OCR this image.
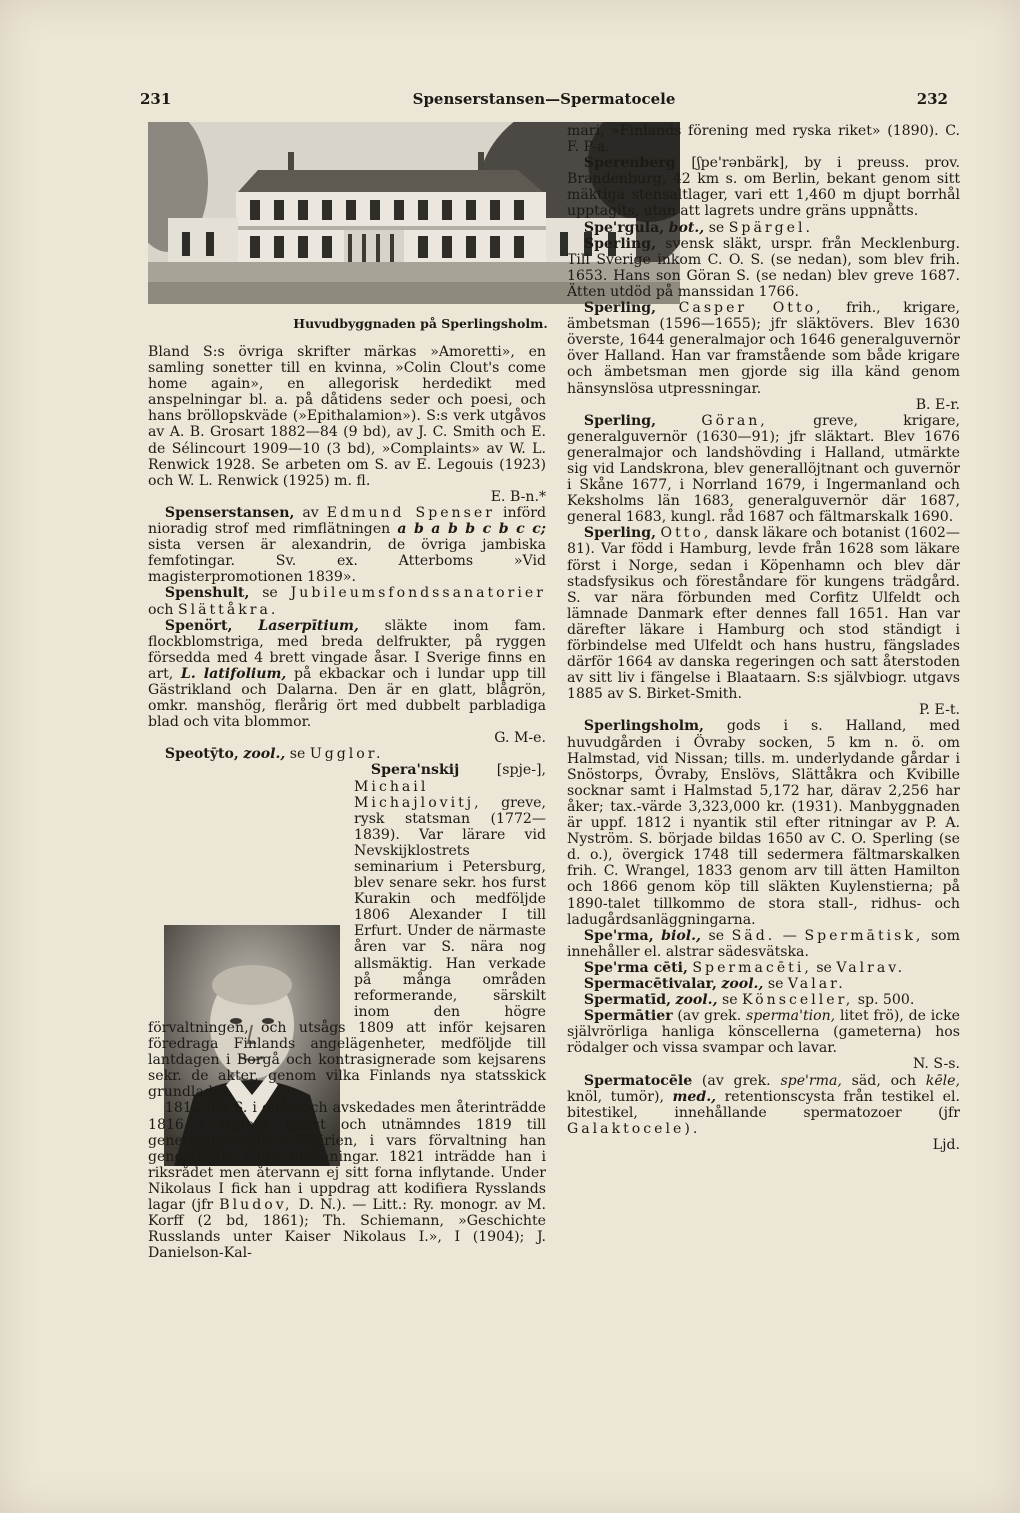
231	Spenserstansen—Spermatocele	232
Huvudbyggnaden på Sperlingsholm.

Bland S:s övriga skrifter märkas »Amoretti», en samling sonetter till en kvinna, »Colin Clout's come home again», en allegorisk herdedikt med anspelningar bl. a. på dåtidens seder och poesi, och hans bröllopskväde (»Epithalamion»). S:s verk utgåvos av A. B. Grosart 1882—84 (9 bd), av J. C. Smith och E. de Sélincourt 1909—10 (3 bd), »Complaints» av W. L. Renwick 1928. Se arbeten om S. av E. Legouis (1923) och W. L. Renwick (1925) m. fl.
E. B-n.*

Spenserstansen, av Edmund Spenser införd nioradig strof med rimflätningen a b a b b c b c c; sista versen är alexandrin, de övriga jambiska femfotingar. Sv. ex. Atterboms »Vid magisterpromotionen 1839».

Spenshult, se Jubileumsfondssanatorier och Slättåkra.

Spenört, Laserpītium, släkte inom fam. flockblomstriga, med breda delfrukter, på ryggen försedda med 4 brett vingade åsar. I Sverige finns en art, L. latifolium, på ekbackar och i lundar upp till Gästrikland och Dalarna. Den är en glatt, blågrön, omkr. manshög, flerårig ört med dubbelt parbladiga blad och vita blommor.
G. M-e.

Speotȳto, zool., se Ugglor.

Spera'nskij	[spje-], Michail Michajlovitj, greve, rysk statsman (1772—1839). Var lärare vid Nevskijklostrets seminarium i Petersburg, blev senare sekr. hos furst Kurakin och medföljde 1806 Alexander I till Erfurt. Under de närmaste åren var S. nära nog allsmäktig. Han verkade på många områden reformerande, särskilt inom den högre förvaltningen, och utsågs 1809 att inför kejsaren föredraga Finlands angelägenheter, medföljde till lantdagen i Borgå och kontrasignerade som kejsarens sekr. de akter, genom vilka Finlands nya statsskick grundlades.

1812 föll S. i onåd och avskedades men återinträdde 1816 i statens tjänst och utnämndes 1819 till generalguvernör i Sibirien, i vars förvaltning han genomförde stora omdaningar. 1821 inträdde han i riksrådet men återvann ej sitt forna inflytande. Under Nikolaus I fick han i uppdrag att kodifiera Rysslands lagar (jfr Bludov, D. N.). — Litt.: Ry. monogr. av M. Korff (2 bd, 1861); Th. Schiemann, »Geschichte Russlands unter Kaiser Nikolaus I.», I (1904); J. Danielson-Kal-

mari, »Finlands förening med ryska riket» (1890). C. F. P-a.

Sperenberg [ʃpe'rənbärk], by i preuss. prov. Brandenburg, 42 km s. om Berlin, bekant genom sitt mäktiga stensaltlager, vari ett 1,460 m djupt borrhål upptagits, utan att lagrets undre gräns uppnåtts.

Spe'rgula, bot., se Spärgel.

Sperling, svensk släkt, urspr. från Mecklenburg. Till Sverige inkom C. O. S. (se nedan), som blev frih. 1653. Hans son Göran S. (se nedan) blev greve 1687. Ätten utdöd på manssidan 1766.

Sperling, Casper Otto, frih., krigare, ämbetsman (1596—1655); jfr släktövers. Blev 1630 överste, 1644 generalmajor och 1646 generalguvernör över Halland. Han var framstående som både krigare och ämbetsman men gjorde sig illa känd genom hänsynslösa utpressningar.
B. E-r.

Sperling,	Göran,	greve, krigare, generalguvernör (1630—91); jfr släktart. Blev 1676 generalmajor och landshövding i Halland, utmärkte sig vid Landskrona, blev generallöjtnant och guvernör i Skåne 1677, i Norrland 1679, i Ingermanland och Keksholms län 1683, generalguvernör där 1687, general 1683, kungl. råd 1687 och fältmarskalk 1690.

Sperling, Otto, dansk läkare och botanist (1602—81). Var född i Hamburg, levde från 1628 som läkare först i Norge, sedan i Köpenhamn och blev där stadsfysikus och föreståndare för kungens trädgård. S. var nära förbunden med Corfitz Ulfeldt och lämnade Danmark efter dennes fall 1651. Han var därefter läkare i Hamburg och stod ständigt i förbindelse med Ulfeldt och hans hustru, fängslades därför 1664 av danska regeringen och satt återstoden av sitt liv i fängelse i Blaataarn. S:s självbiogr. utgavs 1885 av S. Birket-Smith.
P. E-t.

Sperlingsholm, gods i s. Halland, med huvudgården i Övraby socken, 5 km n. ö. om Halmstad, vid Nissan; tills. m. underlydande gårdar i Snöstorps, Övraby, Enslövs, Slättåkra och Kvibille socknar samt i Halmstad 5,172 har, därav 2,256 har åker; tax.-värde 3,323,000 kr. (1931). Manbyggnaden är uppf. 1812 i nyantik stil efter ritningar av P. A. Nyström. S. började bildas 1650 av C. O. Sperling (se d. o.), övergick 1748 till sedermera fältmarskalken frih. C. Wrangel, 1833 genom arv till ätten Hamilton och 1866 genom köp till släkten Kuylenstierna; på 1890-talet tillkommo de stora stall-, ridhus- och ladugårdsanläggningarna.

Spe'rma, biol., se Säd. — Spermātisk, som innehåller el. alstrar sädesvätska.

Spe'rma cēti, Spermacēti, se Valrav.

Spermacētivalar, zool., se Valar.

Spermatīd, zool., se Könsceller, sp. 500.

Spermātier (av grek. sperma'tion, litet frö), de icke självrörliga hanliga könscellerna (gameterna) hos rödalger och vissa svampar och lavar.
N. S-s.

Spermatocēle (av grek. spe'rma, säd, och kēle, knöl, tumör), med., retentionscysta från testikel el. bitestikel, innehållande spermatozoer (jfr Galaktocele).
Ljd.
